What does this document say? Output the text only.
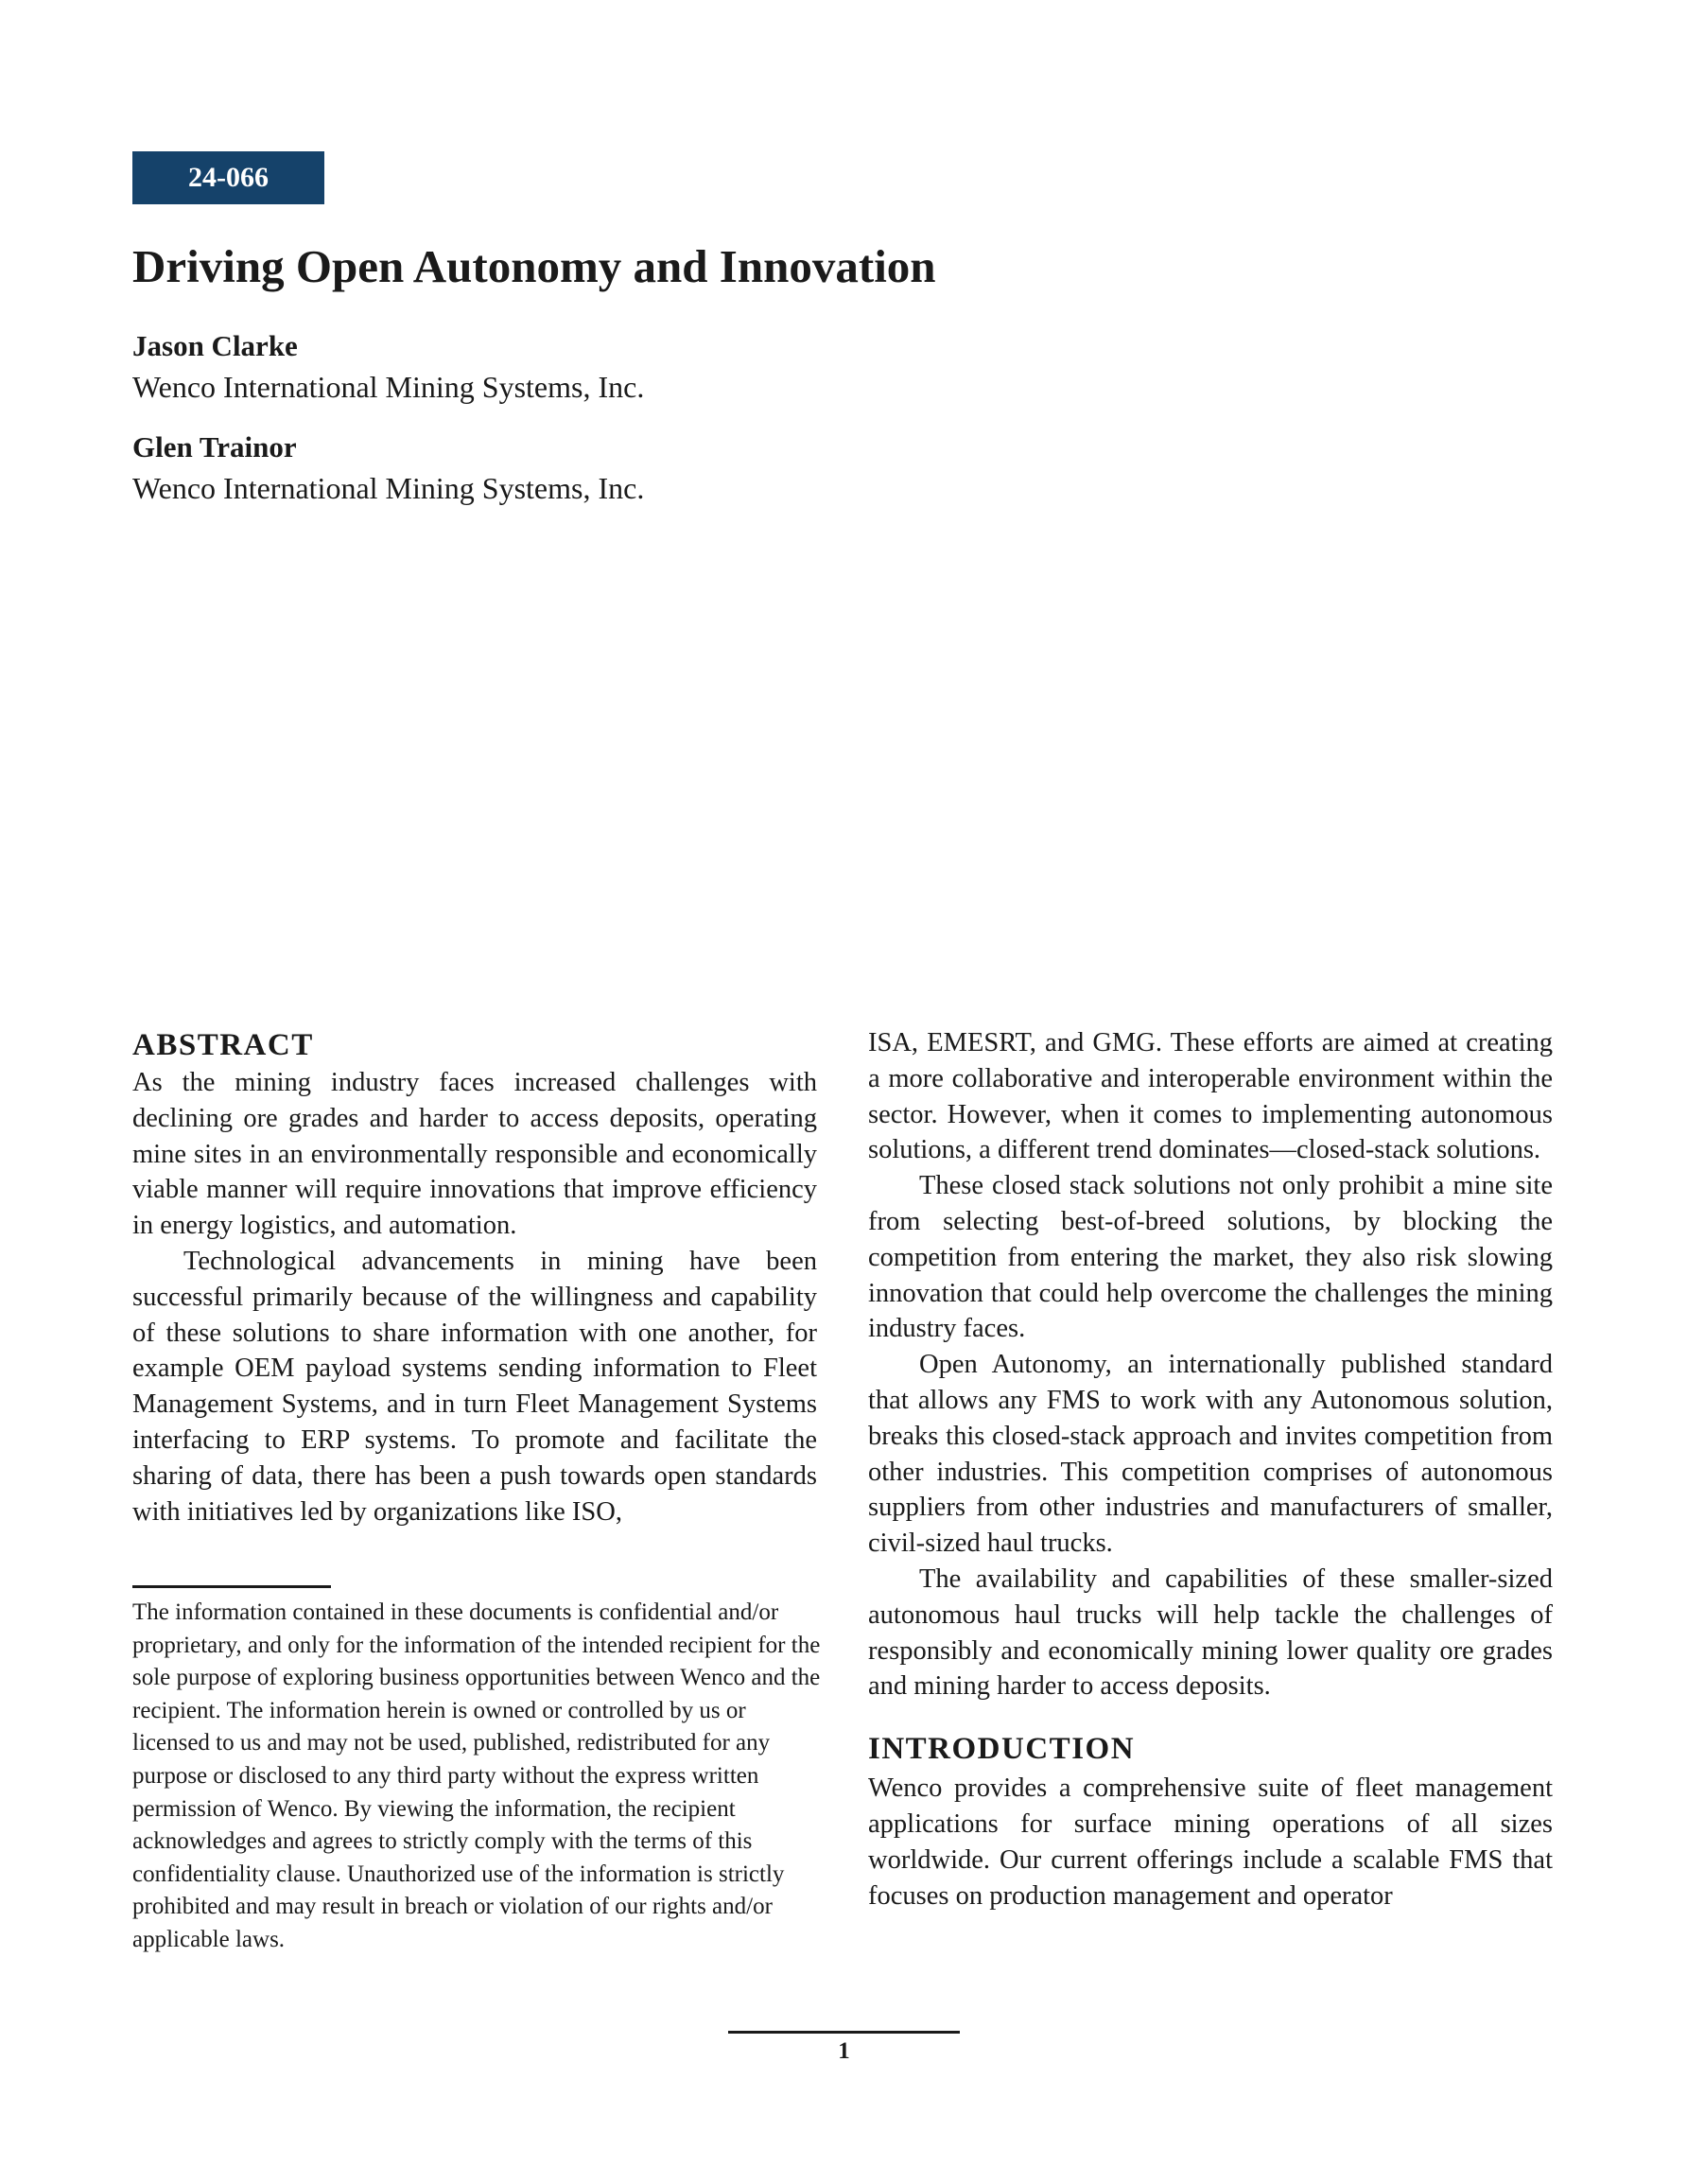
24-066
Driving Open Autonomy and Innovation
Jason Clarke
Wenco International Mining Systems, Inc.
Glen Trainor
Wenco International Mining Systems, Inc.
ABSTRACT

As the mining industry faces increased challenges with declining ore grades and harder to access deposits, operating mine sites in an environmentally responsible and economically viable manner will require innovations that improve efficiency in energy logistics, and automation.

Technological advancements in mining have been successful primarily because of the willingness and capability of these solutions to share information with one another, for example OEM payload systems sending information to Fleet Management Systems, and in turn Fleet Management Systems interfacing to ERP systems. To promote and facilitate the sharing of data, there has been a push towards open standards with initiatives led by organizations like ISO,

ISA, EMESRT, and GMG. These efforts are aimed at creating a more collaborative and interoperable environment within the sector. However, when it comes to implementing autonomous solutions, a different trend dominates—closed-stack solutions.

These closed stack solutions not only prohibit a mine site from selecting best-of-breed solutions, by blocking the competition from entering the market, they also risk slowing innovation that could help overcome the challenges the mining industry faces.

Open Autonomy, an internationally published standard that allows any FMS to work with any Autonomous solution, breaks this closed-stack approach and invites competition from other industries. This competition comprises of autonomous suppliers from other industries and manufacturers of smaller, civil-sized haul trucks.

The availability and capabilities of these smaller-sized autonomous haul trucks will help tackle the challenges of responsibly and economically mining lower quality ore grades and mining harder to access deposits.

INTRODUCTION

Wenco provides a comprehensive suite of fleet management applications for surface mining operations of all sizes worldwide. Our current offerings include a scalable FMS that focuses on production management and operator

The information contained in these documents is confidential and/or proprietary, and only for the information of the intended recipient for the sole purpose of exploring business opportunities between Wenco and the recipient. The information herein is owned or controlled by us or licensed to us and may not be used, published, redistributed for any purpose or disclosed to any third party without the express written permission of Wenco. By viewing the information, the recipient acknowledges and agrees to strictly comply with the terms of this confidentiality clause. Unauthorized use of the information is strictly prohibited and may result in breach or violation of our rights and/or applicable laws.

1
